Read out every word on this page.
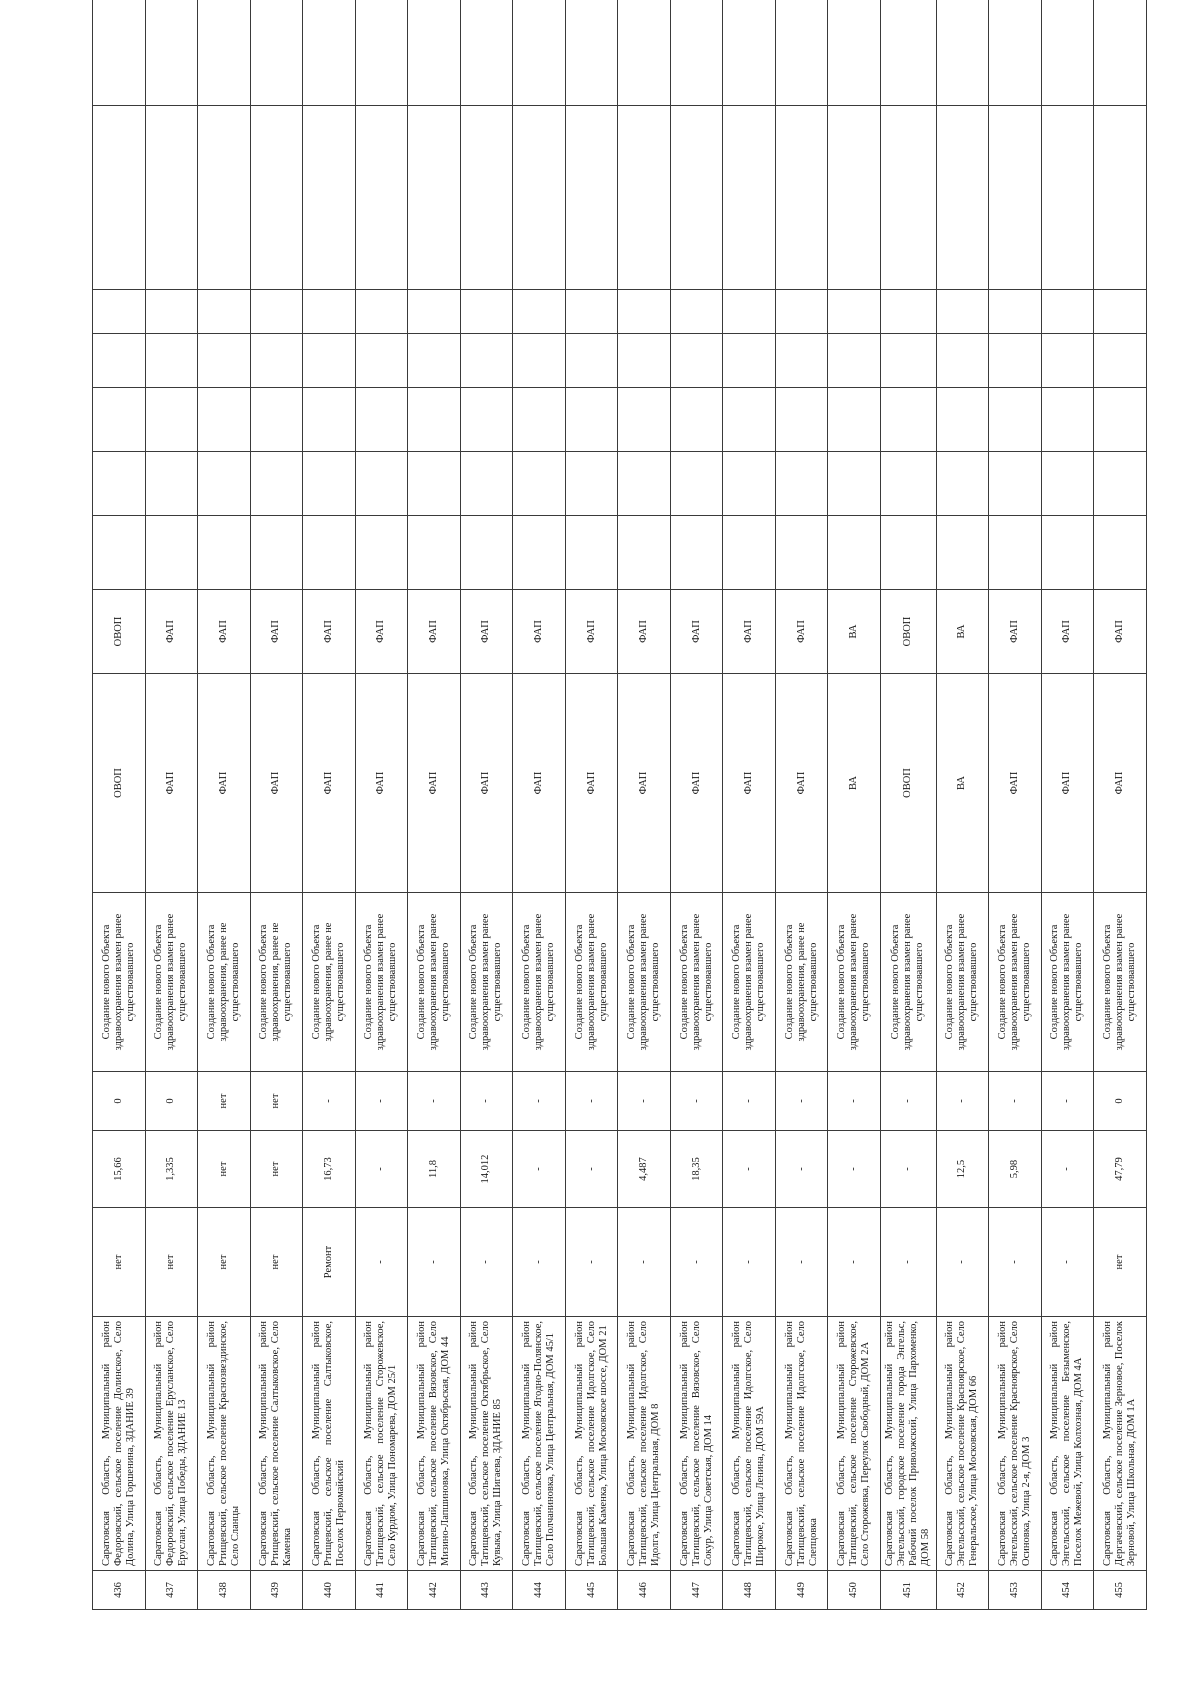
436	Саратовская Область, Муниципальный район Федоровский, сельское поселение Долинское, Село Долина, Улица Горшенина, ЗДАНИЕ 39	нет	15,66	0	Создание нового Объекта здравоохранения взамен ранее существовавшего	ОВОП	ОВОП							
437	Саратовская Область, Муниципальный район Федоровский, сельское поселение Ерусланское, Село Еруслан, Улица Победы, ЗДАНИЕ 13	нет	1,335	0	Создание нового Объекта здравоохранения взамен ранее существовавшего	ФАП	ФАП							
438	Саратовская Область, Муниципальный район Ртищевский, сельское поселение Краснозвездинское, Село Сланцы	нет	нет	нет	Создание нового Объекта здравоохранения, ранее не существовавшего	ФАП	ФАП							
439	Саратовская Область, Муниципальный район Ртищевский, сельское поселение Салтыковское, Село Каменка	нет	нет	нет	Создание нового Объекта здравоохранения, ранее не существовавшего	ФАП	ФАП							
440	Саратовская Область, Муниципальный район Ртищевский, сельское поселение Салтыковское, Поселок Первомайский	Ремонт	16,73	-	Создание нового Объекта здравоохранения, ранее не существовавшего	ФАП	ФАП							
441	Саратовская Область, Муниципальный район Татищевский, сельское поселение Сторожевское, Село Курдюм, Улица Пономарева, ДОМ 25/1	-	-	-	Создание нового Объекта здравоохранения взамен ранее существовавшего	ФАП	ФАП							
442	Саратовская Область, Муниципальный район Татищевский, сельское поселение Вязовское, Село Мизино-Лапшиновка, Улица Октябрьская, ДОМ 44	-	11,8	-	Создание нового Объекта здравоохранения взамен ранее существовавшего	ФАП	ФАП							
443	Саратовская Область, Муниципальный район Татищевский, сельское поселение Октябрьское, Село Кувыка, Улица Шигаева, ЗДАНИЕ 85	-	14,012	-	Создание нового Объекта здравоохранения взамен ранее существовавшего	ФАП	ФАП							
444	Саратовская Область, Муниципальный район Татищевский, сельское поселение Ягодно-Полянское, Село Полчаниновка, Улица Центральная, ДОМ 45/1	-	-	-	Создание нового Объекта здравоохранения взамен ранее существовавшего	ФАП	ФАП							
445	Саратовская Область, Муниципальный район Татищевский, сельское поселение Идолгское, Село Большая Каменка, Улица Московское шоссе, ДОМ 21	-	-	-	Создание нового Объекта здравоохранения взамен ранее существовавшего	ФАП	ФАП							
446	Саратовская Область, Муниципальный район Татищевский, сельское поселение Идолгское, Село Идолга, Улица Центральная, ДОМ 8	-	4,487	-	Создание нового Объекта здравоохранения взамен ранее существовавшего	ФАП	ФАП							
447	Саратовская Область, Муниципальный район Татищевский, сельское поселение Вязовское, Село Сокур, Улица Советская, ДОМ 14	-	18,35	-	Создание нового Объекта здравоохранения взамен ранее существовавшего	ФАП	ФАП							
448	Саратовская Область, Муниципальный район Татищевский, сельское поселение Идолгское, Село Широкое, Улица Ленина, ДОМ 59А	-	-	-	Создание нового Объекта здравоохранения взамен ранее существовавшего	ФАП	ФАП							
449	Саратовская Область, Муниципальный район Татищевский, сельское поселение Идолгское, Село Слепцовка	-	-	-	Создание нового Объекта здравоохранения, ранее не существовавшего	ФАП	ФАП							
450	Саратовская Область, Муниципальный район Татищевский, сельское поселение Сторожевское, Село Сторожевка, Переулок Свободный, ДОМ 2А	-	-	-	Создание нового Объекта здравоохранения взамен ранее существовавшего	ВА	ВА							
451	Саратовская Область, Муниципальный район Энгельсский, городское поселение города Энгельс, Рабочий поселок Приволжский, Улица Пархоменко, ДОМ 58	-	-	-	Создание нового Объекта здравоохранения взамен ранее существовавшего	ОВОП	ОВОП							
452	Саратовская Область, Муниципальный район Энгельсский, сельское поселение Красноярское, Село Генеральское, Улица Московская, ДОМ 66	-	12,5	-	Создание нового Объекта здравоохранения взамен ранее существовавшего	ВА	ВА							
453	Саратовская Область, Муниципальный район Энгельсский, сельское поселение Красноярское, Село Осиновка, Улица 2-я, ДОМ 3	-	5,98	-	Создание нового Объекта здравоохранения взамен ранее существовавшего	ФАП	ФАП							
454	Саратовская Область, Муниципальный район Энгельсский, сельское поселение Безыменское, Поселок Межевой, Улица Колхозная, ДОМ 4А	-	-	-	Создание нового Объекта здравоохранения взамен ранее существовавшего	ФАП	ФАП							
455	Саратовская Область, Муниципальный район Дергачевский, сельское поселение Зерновое, Поселок Зерновой, Улица Школьная, ДОМ 1А	нет	47,79	0	Создание нового Объекта здравоохранения взамен ранее существовавшего	ФАП	ФАП							
